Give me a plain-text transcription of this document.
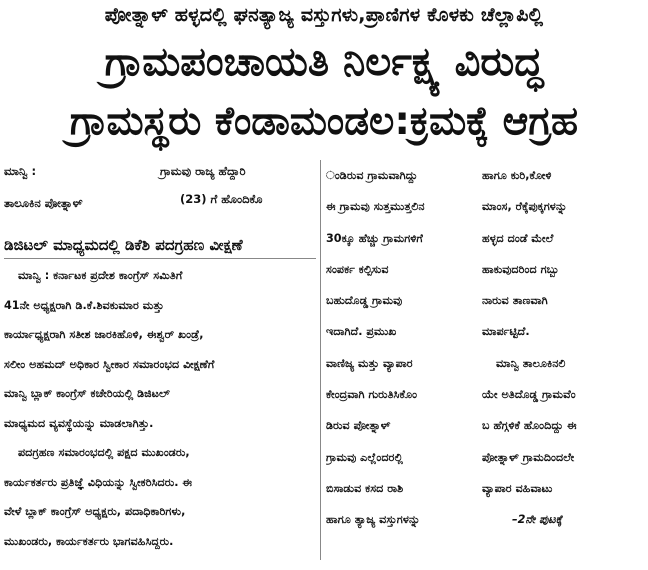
ಪೋತ್ನಾಳ್ ಹಳ್ಳದಲ್ಲಿ ಘನತ್ಯಾಜ್ಯ ವಸ್ತುಗಳು,ಪ್ರಾಣಿಗಳ ಕೊಳಕು ಚೆಲ್ಲಾಪಿಲ್ಲಿ
ಗ್ರಾಮಪಂಚಾಯತಿ ನಿರ್ಲಕ್ಷ್ಯ ವಿರುದ್ಧ
ಗ್ರಾಮಸ್ಥರು ಕೆಂಡಾಮಂಡಲ:ಕ್ರಮಕ್ಕೆ ಆಗ್ರಹ
ಮಾನ್ವಿ :	ಗ್ರಾಮವು ರಾಜ್ಯ ಹೆದ್ದಾರಿ
ತಾಲೂಕಿನ ಪೋತ್ನಾಳ್	(23) ಗೆ ಹೊಂದಿಕೊ
ಡಿಜಿಟಲ್ ಮಾಧ್ಯಮದಲ್ಲಿ ಡಿಕೆಶಿ ಪದಗ್ರಹಣ ವೀಕ್ಷಣೆ
ಮಾನ್ವಿ : ಕರ್ನಾಟಕ ಪ್ರದೇಶ ಕಾಂಗ್ರೆಸ್ ಸಮಿತಿಗೆ
41ನೇ ಅಧ್ಯಕ್ಷರಾಗಿ ಡಿ.ಕೆ.ಶಿವಕುಮಾರ ಮತ್ತು
ಕಾರ್ಯಾಧ್ಯಕ್ಷರಾಗಿ ಸತೀಶ ಜಾರಕಿಹೊಳಿ, ಈಶ್ವರ್ ಖಂಡ್ರೆ,
ಸಲೀಂ ಅಹಮದ್ ಅಧಿಕಾರ ಸ್ವೀಕಾರ ಸಮಾರಂಭದ ವೀಕ್ಷಣೆಗೆ
ಮಾನ್ವಿ ಬ್ಲಾಕ್ ಕಾಂಗ್ರೆಸ್ ಕಚೇರಿಯಲ್ಲಿ ಡಿಜಿಟಲ್
ಮಾಧ್ಯಮದ ವ್ಯವಸ್ಥೆಯನ್ನು ಮಾಡಲಾಗಿತ್ತು.
ಪದಗ್ರಹಣ ಸಮಾರಂಭದಲ್ಲಿ ಪಕ್ಷದ ಮುಖಂಡರು,
ಕಾರ್ಯಕರ್ತರು ಪ್ರತಿಜ್ಞೆ ವಿಧಿಯನ್ನು ಸ್ವೀಕರಿಸಿದರು. ಈ
ವೇಳೆ ಬ್ಲಾಕ್ ಕಾಂಗ್ರೆಸ್ ಅಧ್ಯಕ್ಷರು, ಪದಾಧಿಕಾರಿಗಳು,
ಮುಖಂಡರು, ಕಾರ್ಯಕರ್ತರು ಭಾಗವಹಿಸಿದ್ದರು.
ಂಡಿರುವ ಗ್ರಾಮವಾಗಿದ್ದು
ಈ ಗ್ರಾಮವು ಸುತ್ತಮುತ್ತಲಿನ
30ಕ್ಕೂ ಹೆಚ್ಚು ಗ್ರಾಮಗಳಿಗೆ
ಸಂಪರ್ಕ ಕಲ್ಪಿಸುವ
ಬಹುದೊಡ್ಡ ಗ್ರಾಮವು
ಇದಾಗಿದೆ. ಪ್ರಮುಖ
ವಾಣಿಜ್ಯ ಮತ್ತು ವ್ಯಾಪಾರ
ಕೇಂದ್ರವಾಗಿ ಗುರುತಿಸಿಕೊಂ
ಡಿರುವ ಪೋತ್ನಾಳ್
ಗ್ರಾಮವು ಎಲ್ಲೆಂದರಲ್ಲಿ
ಬಿಸಾಡುವ ಕಸದ ರಾಶಿ
ಹಾಗೂ ತ್ಯಾಜ್ಯ ವಸ್ತುಗಳನ್ನು
ಹಾಗೂ ಕುರಿ,ಕೋಳಿ
ಮಾಂಸ, ರೆಕ್ಕೆಪುಕ್ಕಗಳನ್ನು
ಹಳ್ಳದ ದಂಡೆ ಮೇಲೆ
ಹಾಕುವುದರಿಂದ ಗಬ್ಬು
ನಾರುವ ತಾಣವಾಗಿ
ಮಾರ್ಪಟ್ಟಿದೆ.
ಮಾನ್ವಿ ತಾಲೂಕಿನಲಿ
ಯೇ ಅತಿದೊಡ್ಡ ಗ್ರಾಮವೆಂ
ಬ ಹೆಗ್ಗಳಿಕೆ ಹೊಂದಿದ್ದು ಈ
ಪೋತ್ನಾಳ್ ಗ್ರಾಮದಿಂದಲೇ
ವ್ಯಾಪಾರ ವಹಿವಾಟು
–2ನೇ ಪುಟಕ್ಕೆ
